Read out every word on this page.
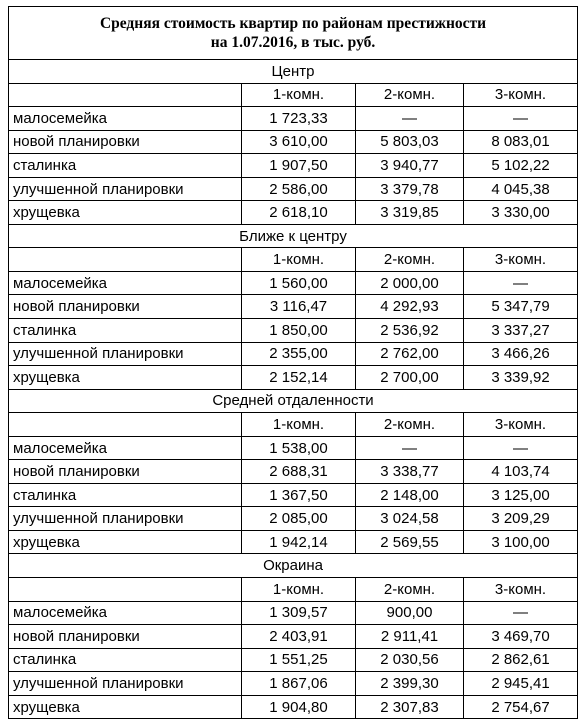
Средняя стоимость квартир по районам престижности
на 1.07.2016, в тыс. руб.			

Центр			
	1-комн.	2-комн.	3-комн.
малосемейка	1 723,33	—	—
новой планировки	3 610,00	5 803,03	8 083,01
сталинка	1 907,50	3 940,77	5 102,22
улучшенной планировки	2 586,00	3 379,78	4 045,38
хрущевка	2 618,10	3 319,85	3 330,00
Ближе к центру			
	1-комн.	2-комн.	3-комн.
малосемейка	1 560,00	2 000,00	—
новой планировки	3 116,47	4 292,93	5 347,79
сталинка	1 850,00	2 536,92	3 337,27
улучшенной планировки	2 355,00	2 762,00	3 466,26
хрущевка	2 152,14	2 700,00	3 339,92
Средней отдаленности			
	1-комн.	2-комн.	3-комн.
малосемейка	1 538,00	—	—
новой планировки	2 688,31	3 338,77	4 103,74
сталинка	1 367,50	2 148,00	3 125,00
улучшенной планировки	2 085,00	3 024,58	3 209,29
хрущевка	1 942,14	2 569,55	3 100,00
Окраина			
	1-комн.	2-комн.	3-комн.
малосемейка	1 309,57	900,00	—
новой планировки	2 403,91	2 911,41	3 469,70
сталинка	1 551,25	2 030,56	2 862,61
улучшенной планировки	1 867,06	2 399,30	2 945,41
хрущевка	1 904,80	2 307,83	2 754,67
